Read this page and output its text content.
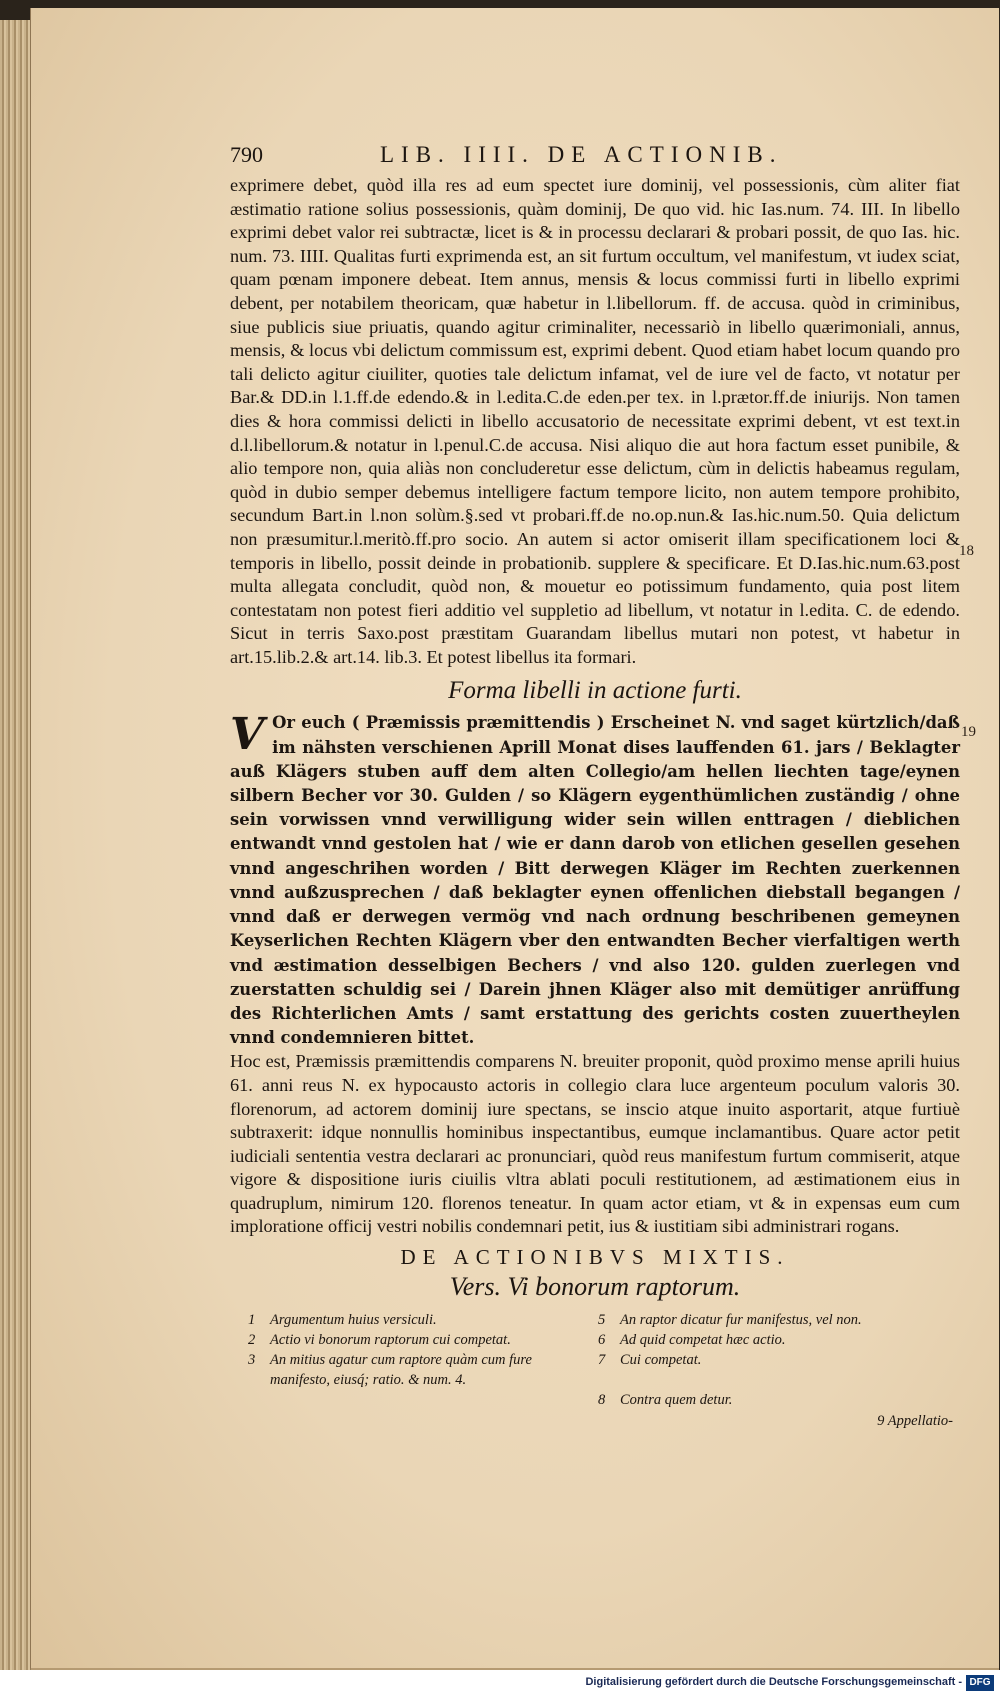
18
19
9 Appellatio-
790	LIB. IIII. DE ACTIONIB.

exprimere debet, quòd illa res ad eum spectet iure dominij, vel possessionis, cùm aliter fiat æstimatio ratione solius possessionis, quàm dominij, De quo vid. hic Ias.num. 74. III. In libello exprimi debet valor rei subtractæ, licet is & in processu declarari & probari possit, de quo Ias. hic. num. 73. IIII. Qualitas furti exprimenda est, an sit furtum occultum, vel manifestum, vt iudex sciat, quam pœnam imponere debeat. Item annus, mensis & locus commissi furti in libello exprimi debent, per notabilem theoricam, quæ habetur in l.libellorum. ff. de accusa. quòd in criminibus, siue publicis siue priuatis, quando agitur criminaliter, necessariò in libello quærimoniali, annus, mensis, & locus vbi delictum commissum est, exprimi debent. Quod etiam habet locum quando pro tali delicto agitur ciuiliter, quoties tale delictum infamat, vel de iure vel de facto, vt notatur per Bar.& DD.in l.1.ff.de edendo.& in l.edita.C.de eden.per tex. in l.prætor.ff.de iniurijs. Non tamen dies & hora commissi delicti in libello accusatorio de necessitate exprimi debent, vt est text.in d.l.libellorum.& notatur in l.penul.C.de accusa. Nisi aliquo die aut hora factum esset punibile, & alio tempore non, quia aliàs non concluderetur esse delictum, cùm in delictis habeamus regulam, quòd in dubio semper debemus intelligere factum tempore licito, non autem tempore prohibito, secundum Bart.in l.non solùm.§.sed vt probari.ff.de no.op.nun.& Ias.hic.num.50. Quia delictum non præsumitur.l.meritò.ff.pro socio. An autem si actor omiserit illam specificationem loci & temporis in libello, possit deinde in probationib. supplere & specificare. Et D.Ias.hic.num.63.post multa allegata concludit, quòd non, & mouetur eo potissimum fundamento, quia post litem contestatam non potest fieri additio vel suppletio ad libellum, vt notatur in l.edita. C. de edendo. Sicut in terris Saxo.post præstitam Guarandam libellus mutari non potest, vt habetur in art.15.lib.2.& art.14. lib.3. Et potest libellus ita formari.

Forma libelli in actione furti.

V Or euch ( Præmissis præmittendis ) Erscheinet N. vnd saget kürtzlich/daß im nähsten verschienen Aprill Monat dises lauffenden 61. jars / Beklagter auß Klägers stuben auff dem alten Collegio/am hellen liechten tage/eynen silbern Becher vor 30. Gulden / so Klägern eygenthümlichen zuständig / ohne sein vorwissen vnnd verwilligung wider sein willen enttragen / dieblichen entwandt vnnd gestolen hat / wie er dann darob von etlichen gesellen gesehen vnnd angeschrihen worden / Bitt derwegen Kläger im Rechten zuerkennen vnnd außzusprechen / daß beklagter eynen offenlichen diebstall begangen / vnnd daß er derwegen vermög vnd nach ordnung beschribenen gemeynen Keyserlichen Rechten Klägern vber den entwandten Becher vierfaltigen werth vnd æstimation desselbigen Bechers / vnd also 120. gulden zuerlegen vnd zuerstatten schuldig sei / Darein jhnen Kläger also mit demütiger anrüffung des Richterlichen Amts / samt erstattung des gerichts costen zuuertheylen vnnd condemnieren bittet.

Hoc est, Præmissis præmittendis comparens N. breuiter proponit, quòd proximo mense aprili huius 61. anni reus N. ex hypocausto actoris in collegio clara luce argenteum poculum valoris 30. florenorum, ad actorem dominij iure spectans, se inscio atque inuito asportarit, atque furtiuè subtraxerit: idque nonnullis hominibus inspectantibus, eumque inclamantibus. Quare actor petit iudiciali sententia vestra declarari ac pronunciari, quòd reus manifestum furtum commiserit, atque vigore & dispositione iuris ciuilis vltra ablati poculi restitutionem, ad æstimationem eius in quadruplum, nimirum 120. florenos teneatur. In quam actor etiam, vt & in expensas eum cum imploratione officij vestri nobilis condemnari petit, ius & iustitiam sibi administrari rogans.

DE ACTIONIBVS MIXTIS.
Vers. Vi bonorum raptorum.
1	Argumentum huius versiculi.	5	An raptor dicatur fur manifestus, vel non.
2	Actio vi bonorum raptorum cui competat.	6	Ad quid competat hæc actio.
3	An mitius agatur cum raptore quàm cum fure manifesto, eiusq́; ratio. & num. 4.
7	Cui competat.
8	Contra quem detur.
Digitalisierung gefördert durch die Deutsche Forschungsgemeinschaft - DFG
